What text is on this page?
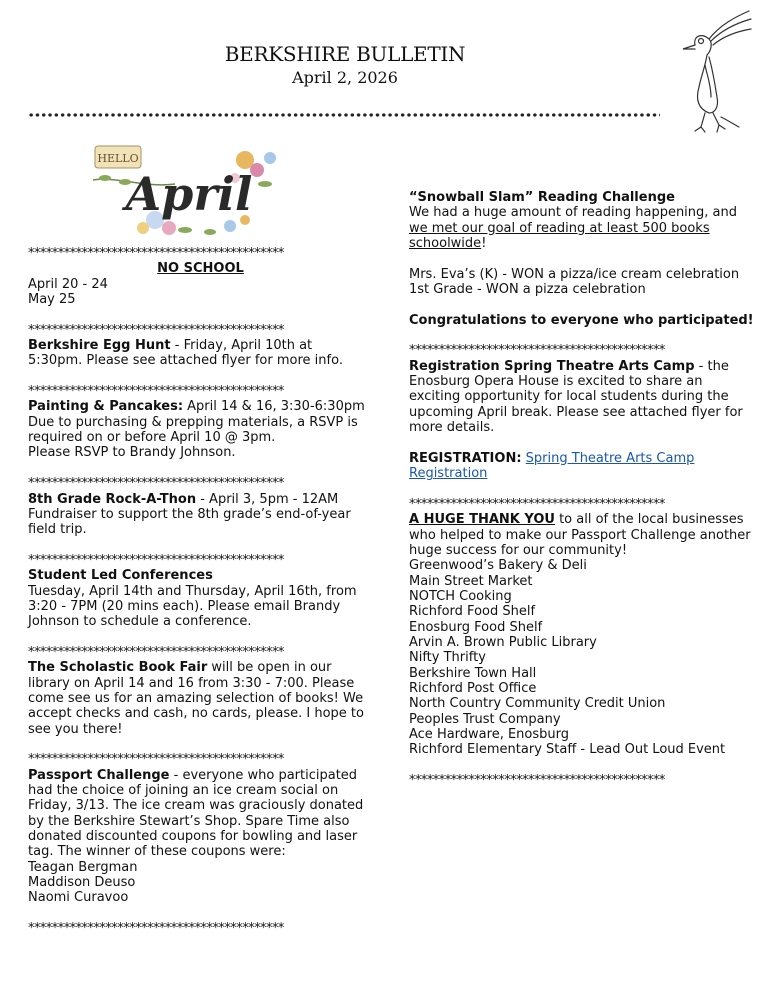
BERKSHIRE BULLETIN
April 2, 2026
HELLO
April
*******************************************
NO SCHOOL
April 20 - 24
May 25
*******************************************
Berkshire Egg Hunt - Friday, April 10th at
5:30pm. Please see attached flyer for more info.
*******************************************
Painting & Pancakes: April 14 & 16, 3:30-6:30pm
Due to purchasing & prepping materials, a RSVP is
required on or before April 10 @ 3pm.
Please RSVP to Brandy Johnson.
*******************************************
8th Grade Rock-A-Thon - April 3, 5pm - 12AM
Fundraiser to support the 8th grade’s end-of-year
field trip.
*******************************************
Student Led Conferences
Tuesday, April 14th and Thursday, April 16th, from
3:20 - 7PM (20 mins each). Please email Brandy
Johnson to schedule a conference.
*******************************************
The Scholastic Book Fair will be open in our
library on April 14 and 16 from 3:30 - 7:00. Please
come see us for an amazing selection of books! We
accept checks and cash, no cards, please. I hope to
see you there!
*******************************************
Passport Challenge - everyone who participated
had the choice of joining an ice cream social on
Friday, 3/13. The ice cream was graciously donated
by the Berkshire Stewart’s Shop. Spare Time also
donated discounted coupons for bowling and laser
tag. The winner of these coupons were:
Teagan Bergman
Maddison Deuso
Naomi Curavoo
*******************************************
“Snowball Slam” Reading Challenge
We had a huge amount of reading happening, and
we met our goal of reading at least 500 books
schoolwide!
Mrs. Eva’s (K) - WON a pizza/ice cream celebration
1st Grade - WON a pizza celebration
Congratulations to everyone who participated!
*******************************************
Registration Spring Theatre Arts Camp - the
Enosburg Opera House is excited to share an
exciting opportunity for local students during the
upcoming April break. Please see attached flyer for
more details.
REGISTRATION: Spring Theatre Arts Camp
Registration
*******************************************
A HUGE THANK YOU to all of the local businesses
who helped to make our Passport Challenge another
huge success for our community!
Greenwood’s Bakery & Deli
Main Street Market
NOTCH Cooking
Richford Food Shelf
Enosburg Food Shelf
Arvin A. Brown Public Library
Nifty Thrifty
Berkshire Town Hall
Richford Post Office
North Country Community Credit Union
Peoples Trust Company
Ace Hardware, Enosburg
Richford Elementary Staff - Lead Out Loud Event
*******************************************
